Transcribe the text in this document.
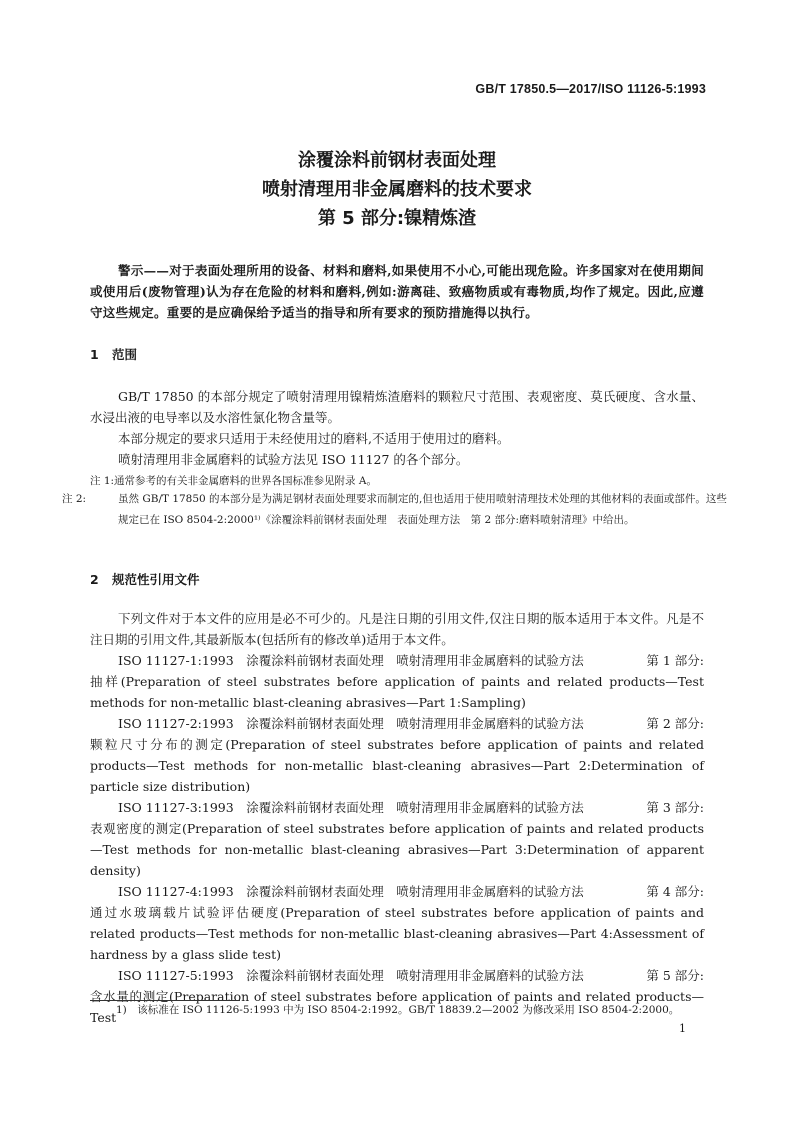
GB/T 17850.5—2017/ISO 11126-5:1993
涂覆涂料前钢材表面处理
喷射清理用非金属磨料的技术要求
第 5 部分:镍精炼渣
警示——对于表面处理所用的设备、材料和磨料,如果使用不小心,可能出现危险。许多国家对在使用期间或使用后(废物管理)认为存在危险的材料和磨料,例如:游离硅、致癌物质或有毒物质,均作了规定。因此,应遵守这些规定。重要的是应确保给予适当的指导和所有要求的预防措施得以执行。
1 范围
GB/T 17850 的本部分规定了喷射清理用镍精炼渣磨料的颗粒尺寸范围、表观密度、莫氏硬度、含水量、水浸出液的电导率以及水溶性氯化物含量等。
本部分规定的要求只适用于未经使用过的磨料,不适用于使用过的磨料。
喷射清理用非金属磨料的试验方法见 ISO 11127 的各个部分。
注 1:通常参考的有关非金属磨料的世界各国标准参见附录 A。
注 2:	虽然 GB/T 17850 的本部分是为满足钢材表面处理要求而制定的,但也适用于使用喷射清理技术处理的其他材料的表面或部件。这些规定已在 ISO 8504-2:2000¹⁾《涂覆涂料前钢材表面处理　表面处理方法　第 2 部分:磨料喷射清理》中给出。
2 规范性引用文件
下列文件对于本文件的应用是必不可少的。凡是注日期的引用文件,仅注日期的版本适用于本文件。凡是不注日期的引用文件,其最新版本(包括所有的修改单)适用于本文件。
ISO 11127-1:1993　 涂覆涂料前钢材表面处理　喷射清理用非金属磨料的试验方法	第 1 部分:
抽样(Preparation of steel substrates before application of paints and related products—Test methods for non-metallic blast-cleaning abrasives—Part 1:Sampling)
ISO 11127-2:1993　 涂覆涂料前钢材表面处理　喷射清理用非金属磨料的试验方法	第 2 部分:
颗粒尺寸分布的测定(Preparation of steel substrates before application of paints and related products—Test methods for non-metallic blast-cleaning abrasives—Part 2:Determination of particle size distribution)
ISO 11127-3:1993　 涂覆涂料前钢材表面处理　喷射清理用非金属磨料的试验方法	第 3 部分:
表观密度的测定(Preparation of steel substrates before application of paints and related products—Test methods for non-metallic blast-cleaning abrasives—Part 3:Determination of apparent density)
ISO 11127-4:1993　 涂覆涂料前钢材表面处理　喷射清理用非金属磨料的试验方法	第 4 部分:
通过水玻璃载片试验评估硬度(Preparation of steel substrates before application of paints and related products—Test methods for non-metallic blast-cleaning abrasives—Part 4:Assessment of hardness by a glass slide test)
ISO 11127-5:1993　 涂覆涂料前钢材表面处理　喷射清理用非金属磨料的试验方法	第 5 部分:
含水量的测定(Preparation of steel substrates before application of paints and related products—Test 1)　该标准在 ISO 11126-5:1993 中为 ISO 8504-2:1992。GB/T 18839.2—2002 为修改采用 ISO 8504-2:2000。
1
